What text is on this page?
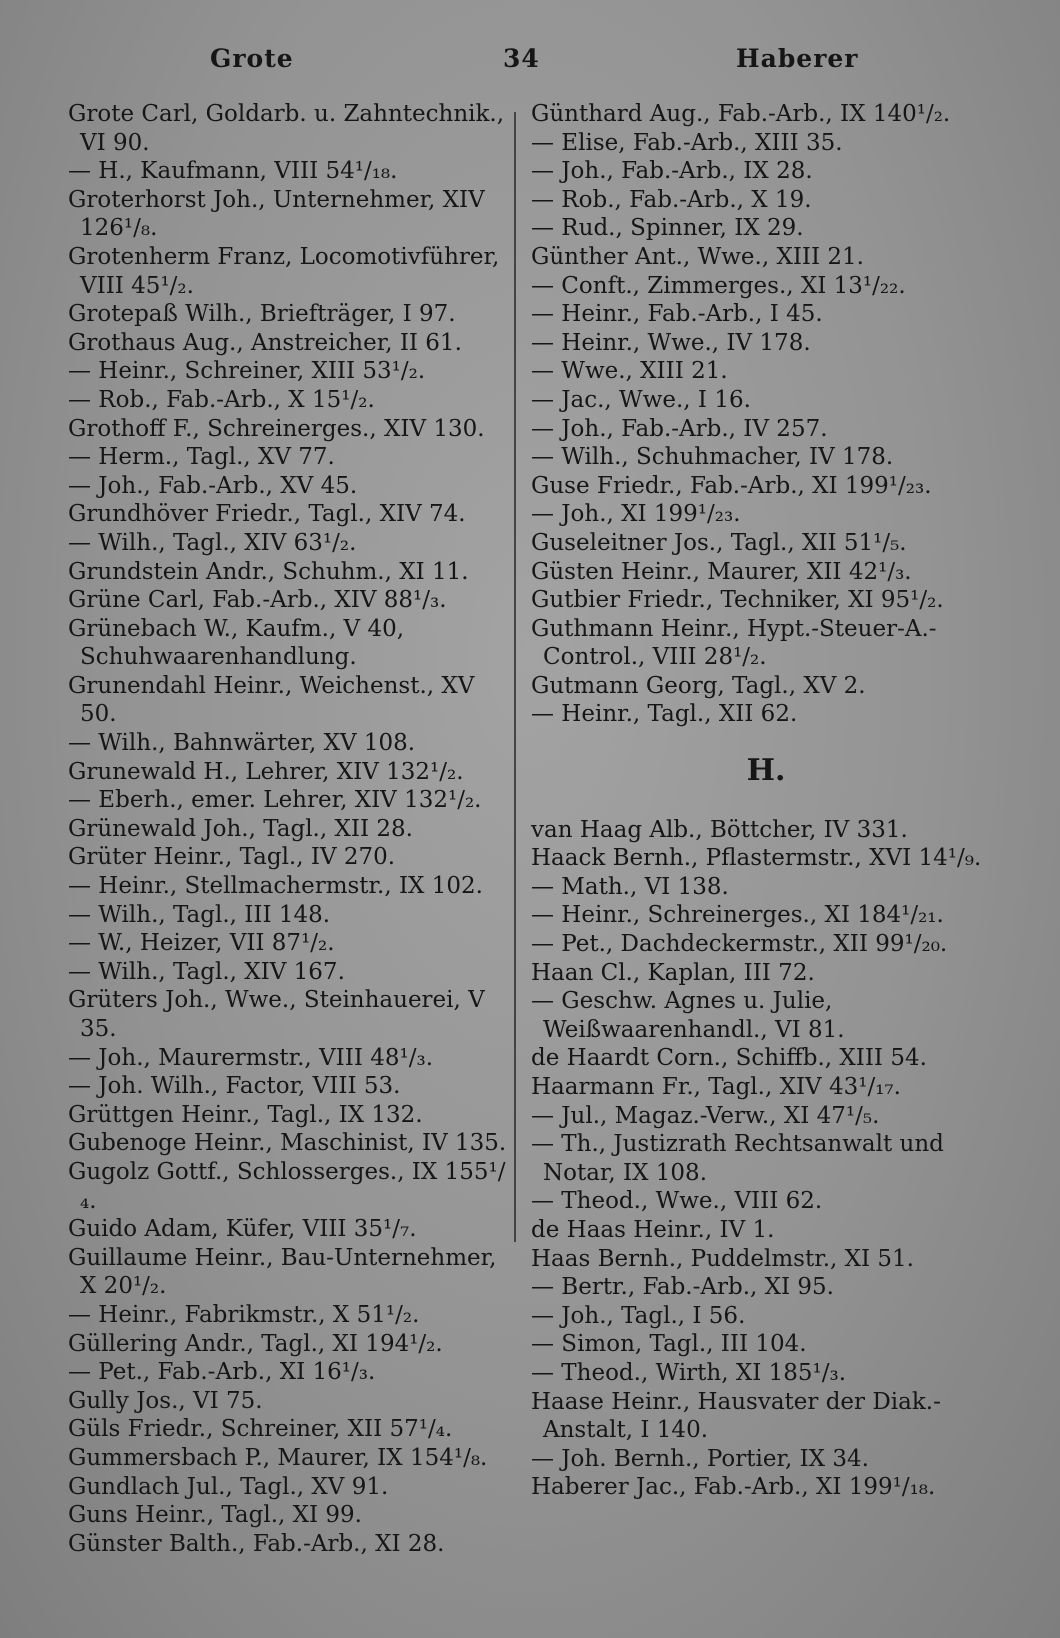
Grote	34	Haberer
Grote Carl, Goldarb. u. Zahntechnik., VI 90.
— H., Kaufmann, VIII 54¹/₁₈.
Groterhorst Joh., Unternehmer, XIV 126¹/₈.
Grotenherm Franz, Locomotivführer, VIII 45¹/₂.
Grotepaß Wilh., Briefträger, I 97.
Grothaus Aug., Anstreicher, II 61.
— Heinr., Schreiner, XIII 53¹/₂.
— Rob., Fab.-Arb., X 15¹/₂.
Grothoff F., Schreinerges., XIV 130.
— Herm., Tagl., XV 77.
— Joh., Fab.-Arb., XV 45.
Grundhöver Friedr., Tagl., XIV 74.
— Wilh., Tagl., XIV 63¹/₂.
Grundstein Andr., Schuhm., XI 11.
Grüne Carl, Fab.-Arb., XIV 88¹/₃.
Grünebach W., Kaufm., V 40, Schuhwaarenhandlung.
Grunendahl Heinr., Weichenst., XV 50.
— Wilh., Bahnwärter, XV 108.
Grunewald H., Lehrer, XIV 132¹/₂.
— Eberh., emer. Lehrer, XIV 132¹/₂.
Grünewald Joh., Tagl., XII 28.
Grüter Heinr., Tagl., IV 270.
— Heinr., Stellmachermstr., IX 102.
— Wilh., Tagl., III 148.
— W., Heizer, VII 87¹/₂.
— Wilh., Tagl., XIV 167.
Grüters Joh., Wwe., Steinhauerei, V 35.
— Joh., Maurermstr., VIII 48¹/₃.
— Joh. Wilh., Factor, VIII 53.
Grüttgen Heinr., Tagl., IX 132.
Gubenoge Heinr., Maschinist, IV 135.
Gugolz Gottf., Schlosserges., IX 155¹/₄.
Guido Adam, Küfer, VIII 35¹/₇.
Guillaume Heinr., Bau-Unternehmer, X 20¹/₂.
— Heinr., Fabrikmstr., X 51¹/₂.
Güllering Andr., Tagl., XI 194¹/₂.
— Pet., Fab.-Arb., XI 16¹/₃.
Gully Jos., VI 75.
Güls Friedr., Schreiner, XII 57¹/₄.
Gummersbach P., Maurer, IX 154¹/₈.
Gundlach Jul., Tagl., XV 91.
Guns Heinr., Tagl., XI 99.
Günster Balth., Fab.-Arb., XI 28.
Günthard Aug., Fab.-Arb., IX 140¹/₂.
— Elise, Fab.-Arb., XIII 35.
— Joh., Fab.-Arb., IX 28.
— Rob., Fab.-Arb., X 19.
— Rud., Spinner, IX 29.
Günther Ant., Wwe., XIII 21.
— Conft., Zimmerges., XI 13¹/₂₂.
— Heinr., Fab.-Arb., I 45.
— Heinr., Wwe., IV 178.
— Wwe., XIII 21.
— Jac., Wwe., I 16.
— Joh., Fab.-Arb., IV 257.
— Wilh., Schuhmacher, IV 178.
Guse Friedr., Fab.-Arb., XI 199¹/₂₃.
— Joh., XI 199¹/₂₃.
Guseleitner Jos., Tagl., XII 51¹/₅.
Güsten Heinr., Maurer, XII 42¹/₃.
Gutbier Friedr., Techniker, XI 95¹/₂.
Guthmann Heinr., Hypt.-Steuer-A.-Control., VIII 28¹/₂.
Gutmann Georg, Tagl., XV 2.
— Heinr., Tagl., XII 62.
H.
van Haag Alb., Böttcher, IV 331.
Haack Bernh., Pflastermstr., XVI 14¹/₉.
— Math., VI 138.
— Heinr., Schreinerges., XI 184¹/₂₁.
— Pet., Dachdeckermstr., XII 99¹/₂₀.
Haan Cl., Kaplan, III 72.
— Geschw. Agnes u. Julie, Weißwaarenhandl., VI 81.
de Haardt Corn., Schiffb., XIII 54.
Haarmann Fr., Tagl., XIV 43¹/₁₇.
— Jul., Magaz.-Verw., XI 47¹/₅.
— Th., Justizrath Rechtsanwalt und Notar, IX 108.
— Theod., Wwe., VIII 62.
de Haas Heinr., IV 1.
Haas Bernh., Puddelmstr., XI 51.
— Bertr., Fab.-Arb., XI 95.
— Joh., Tagl., I 56.
— Simon, Tagl., III 104.
— Theod., Wirth, XI 185¹/₃.
Haase Heinr., Hausvater der Diak.-Anstalt, I 140.
— Joh. Bernh., Portier, IX 34.
Haberer Jac., Fab.-Arb., XI 199¹/₁₈.
